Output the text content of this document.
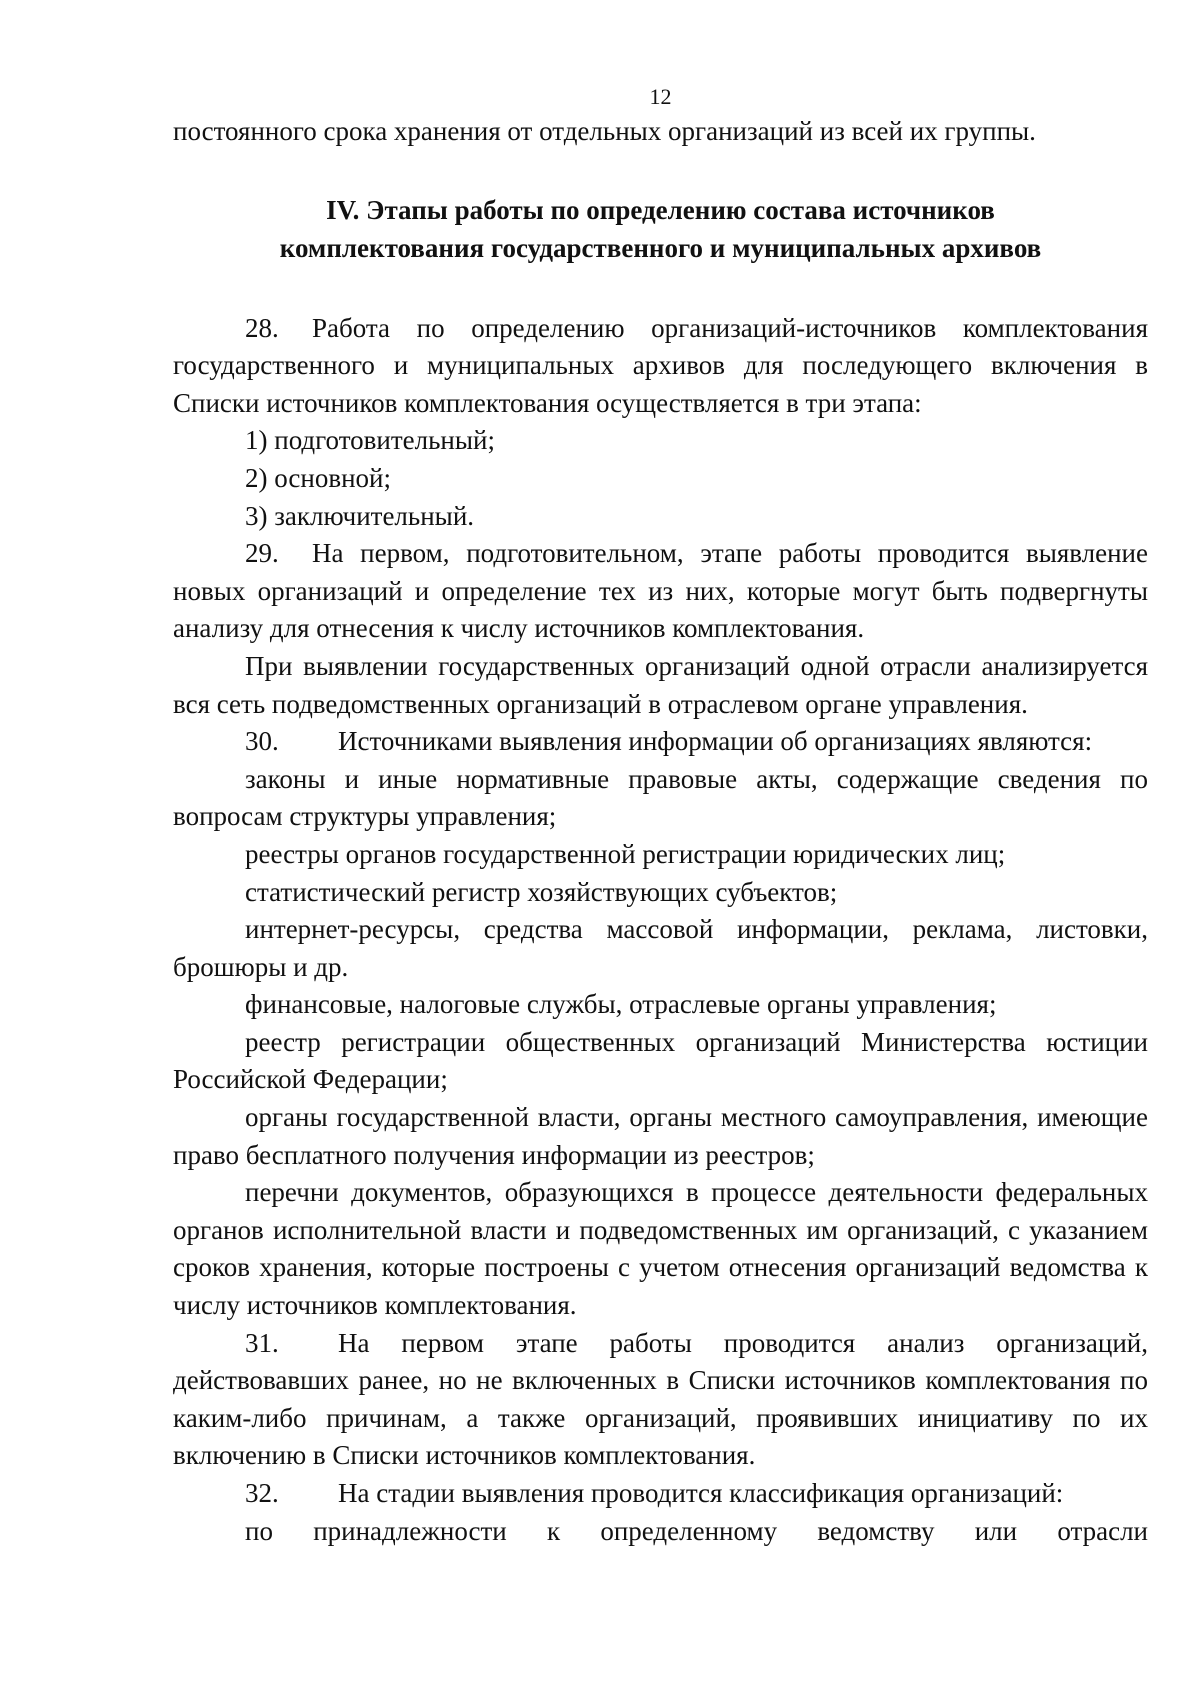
12

постоянного срока хранения от отдельных организаций из всей их группы.

IV. Этапы работы по определению состава источников
комплектования государственного и муниципальных архивов

28. Работа по определению организаций-источников комплектования государственного и муниципальных архивов для последующего включения в Списки источников комплектования осуществляется в три этапа:

1) подготовительный;

2) основной;

3) заключительный.

29. На первом, подготовительном, этапе работы проводится выявление новых организаций и определение тех из них, которые могут быть подвергнуты анализу для отнесения к числу источников комплектования.

При выявлении государственных организаций одной отрасли анализируется вся сеть подведомственных организаций в отраслевом органе управления.

30. Источниками выявления информации об организациях являются:

законы и иные нормативные правовые акты, содержащие сведения по вопросам структуры управления;

реестры органов государственной регистрации юридических лиц;

статистический регистр хозяйствующих субъектов;

интернет-ресурсы, средства массовой информации, реклама, листовки, брошюры и др.

финансовые, налоговые службы, отраслевые органы управления;

реестр регистрации общественных организаций Министерства юстиции Российской Федерации;

органы государственной власти, органы местного самоуправления, имеющие право бесплатного получения информации из реестров;

перечни документов, образующихся в процессе деятельности федеральных органов исполнительной власти и подведомственных им организаций, с указанием сроков хранения, которые построены с учетом отнесения организаций ведомства к числу источников комплектования.

31. На первом этапе работы проводится анализ организаций, действовавших ранее, но не включенных в Списки источников комплектования по каким-либо причинам, а также организаций, проявивших инициативу по их включению в Списки источников комплектования.

32. На стадии выявления проводится классификация организаций:

по принадлежности к определенному ведомству или отрасли
